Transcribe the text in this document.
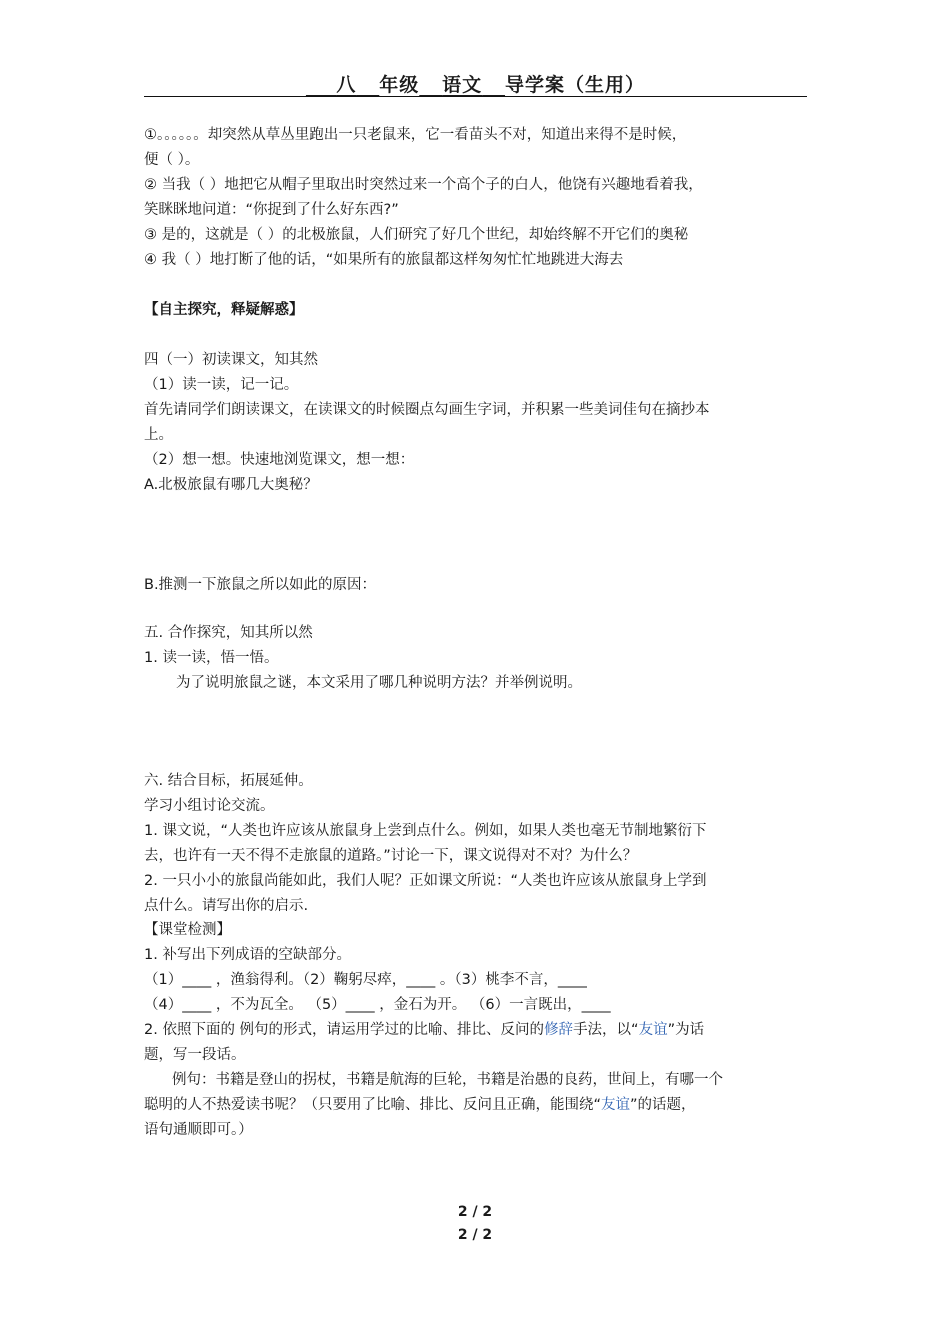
八 年级 语文 导学案（生用）
①。。。。。。却突然从草丛里跑出一只老鼠来，它一看苗头不对，知道出来得不是时候，
便（ ）。
② 当我（ ）地把它从帽子里取出时突然过来一个高个子的白人，他饶有兴趣地看着我，
笑眯眯地问道：“你捉到了什么好东西?”
③ 是的，这就是（ ）的北极旅鼠，人们研究了好几个世纪，却始终解不开它们的奥秘
④ 我（ ）地打断了他的话，“如果所有的旅鼠都这样匆匆忙忙地跳进大海去
【自主探究，释疑解惑】
四（一）初读课文，知其然
（1）读一读，记一记。
首先请同学们朗读课文，在读课文的时候圈点勾画生字词，并积累一些美词佳句在摘抄本
上。
（2）想一想。快速地浏览课文，想一想：
A.北极旅鼠有哪几大奥秘？
B.推测一下旅鼠之所以如此的原因：
五. 合作探究，知其所以然
1. 读一读，悟一悟。
为了说明旅鼠之谜，本文采用了哪几种说明方法？并举例说明。
六. 结合目标，拓展延伸。
学习小组讨论交流。
1. 课文说，“人类也许应该从旅鼠身上尝到点什么。例如，如果人类也毫无节制地繁衍下
去，也许有一天不得不走旅鼠的道路。”讨论一下，课文说得对不对？为什么？
2. 一只小小的旅鼠尚能如此，我们人呢？正如课文所说：“人类也许应该从旅鼠身上学到
点什么。请写出你的启示.
【课堂检测】
1. 补写出下列成语的空缺部分。
（1）____ ，渔翁得利。（2）鞠躬尽瘁，____ 。（3）桃李不言，____
（4）____ ，不为瓦全。 （5）____ ，金石为开。 （6）一言既出，____
2. 依照下面的 例句的形式，请运用学过的比喻、排比、反问的修辞手法，以“友谊”为话
题，写一段话。
例句：书籍是登山的拐杖，书籍是航海的巨轮，书籍是治愚的良药，世间上，有哪一个
聪明的人不热爱读书呢？（只要用了比喻、排比、反问且正确，能围绕“友谊”的话题，
语句通顺即可。）
2 / 2
2 / 2
